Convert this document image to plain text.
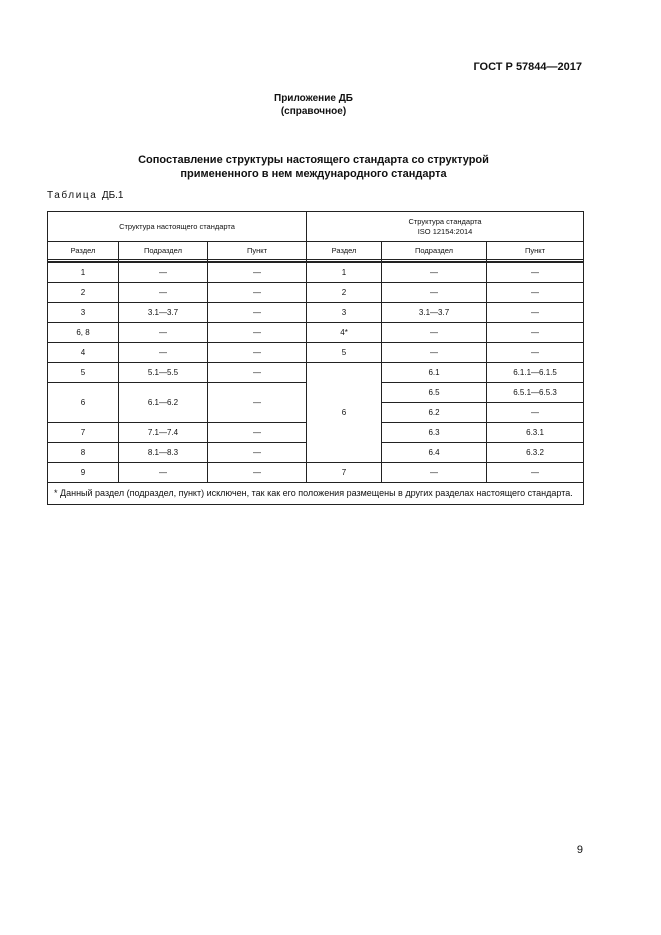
ГОСТ Р 57844—2017
Приложение ДБ
(справочное)
Сопоставление структуры настоящего стандарта со структурой
примененного в нем международного стандарта
Таблица ДБ.1
Структура настоящего стандарта			Структура стандарта
ISO 12154:2014		

Раздел	Подраздел	Пункт	Раздел	Подраздел	Пункт

1	—	—	1	—	—
2	—	—	2	—	—
3	3.1—3.7	—	3	3.1—3.7	—
6, 8	—	—	4*	—	—
4	—	—	5	—	—
5	5.1—5.5	—	6	6.1	6.1.1—6.1.5
6	6.1—6.2	—		6.5	6.5.1—6.5.3
				6.2	—
7	7.1—7.4	—		6.3	6.3.1
8	8.1—8.3	—		6.4	6.3.2
9	—	—	7	—	—
* Данный раздел (подраздел, пункт) исключен, так как его положения размещены в других разделах настоящего стандарта.					
9
